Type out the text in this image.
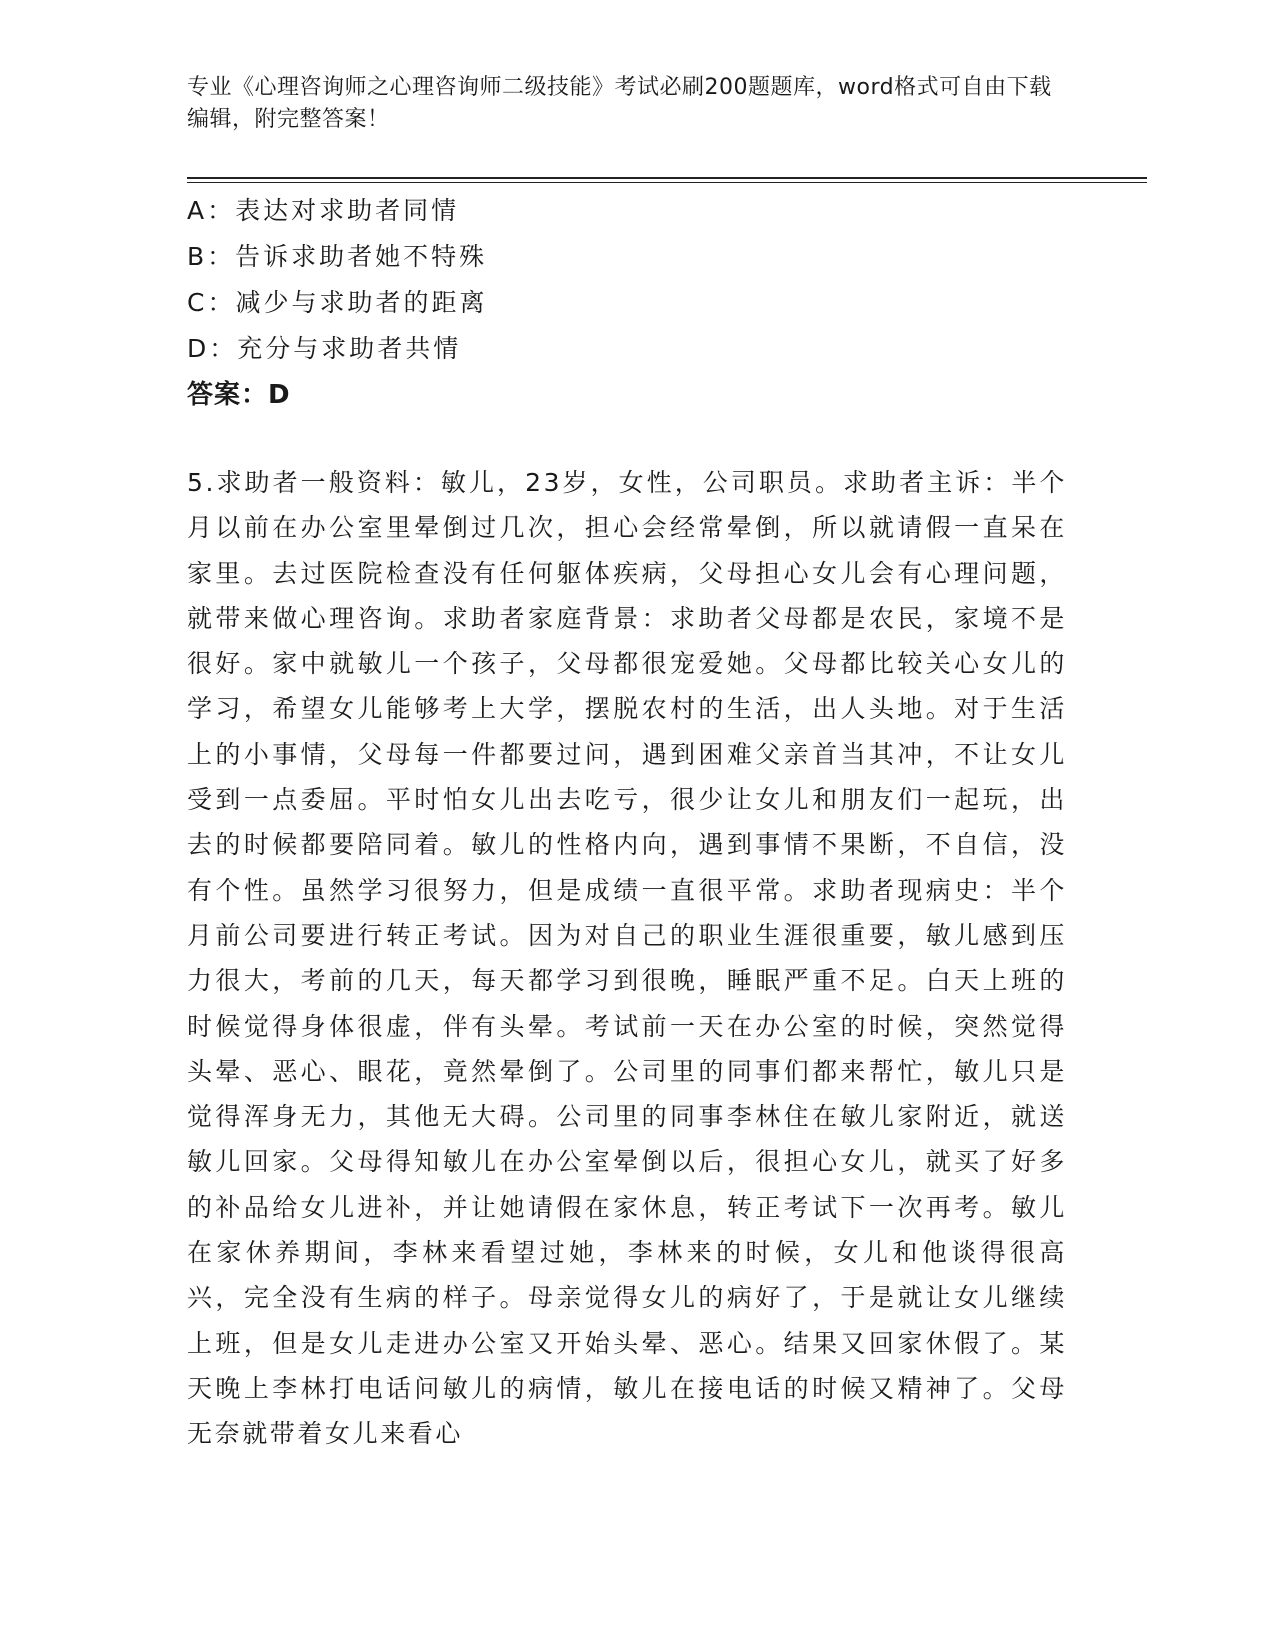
专业《心理咨询师之心理咨询师二级技能》考试必刷200题题库，word格式可自由下载编辑，附完整答案！
A：表达对求助者同情
B：告诉求助者她不特殊
C：减少与求助者的距离
D：充分与求助者共情
答案：D

5.求助者一般资料：敏儿，23岁，女性，公司职员。求助者主诉：半个月以前在办公室里晕倒过几次，担心会经常晕倒，所以就请假一直呆在家里。去过医院检查没有任何躯体疾病，父母担心女儿会有心理问题，就带来做心理咨询。求助者家庭背景：求助者父母都是农民，家境不是很好。家中就敏儿一个孩子，父母都很宠爱她。父母都比较关心女儿的学习，希望女儿能够考上大学，摆脱农村的生活，出人头地。对于生活上的小事情，父母每一件都要过问，遇到困难父亲首当其冲，不让女儿受到一点委屈。平时怕女儿出去吃亏，很少让女儿和朋友们一起玩，出去的时候都要陪同着。敏儿的性格内向，遇到事情不果断，不自信，没有个性。虽然学习很努力，但是成绩一直很平常。求助者现病史：半个月前公司要进行转正考试。因为对自己的职业生涯很重要，敏儿感到压力很大，考前的几天，每天都学习到很晚，睡眠严重不足。白天上班的时候觉得身体很虚，伴有头晕。考试前一天在办公室的时候，突然觉得头晕、恶心、眼花，竟然晕倒了。公司里的同事们都来帮忙，敏儿只是觉得浑身无力，其他无大碍。公司里的同事李林住在敏儿家附近，就送敏儿回家。父母得知敏儿在办公室晕倒以后，很担心女儿，就买了好多的补品给女儿进补，并让她请假在家休息，转正考试下一次再考。敏儿在家休养期间，李林来看望过她，李林来的时候，女儿和他谈得很高兴，完全没有生病的样子。母亲觉得女儿的病好了，于是就让女儿继续上班，但是女儿走进办公室又开始头晕、恶心。结果又回家休假了。某天晚上李林打电话问敏儿的病情，敏儿在接电话的时候又精神了。父母无奈就带着女儿来看心
